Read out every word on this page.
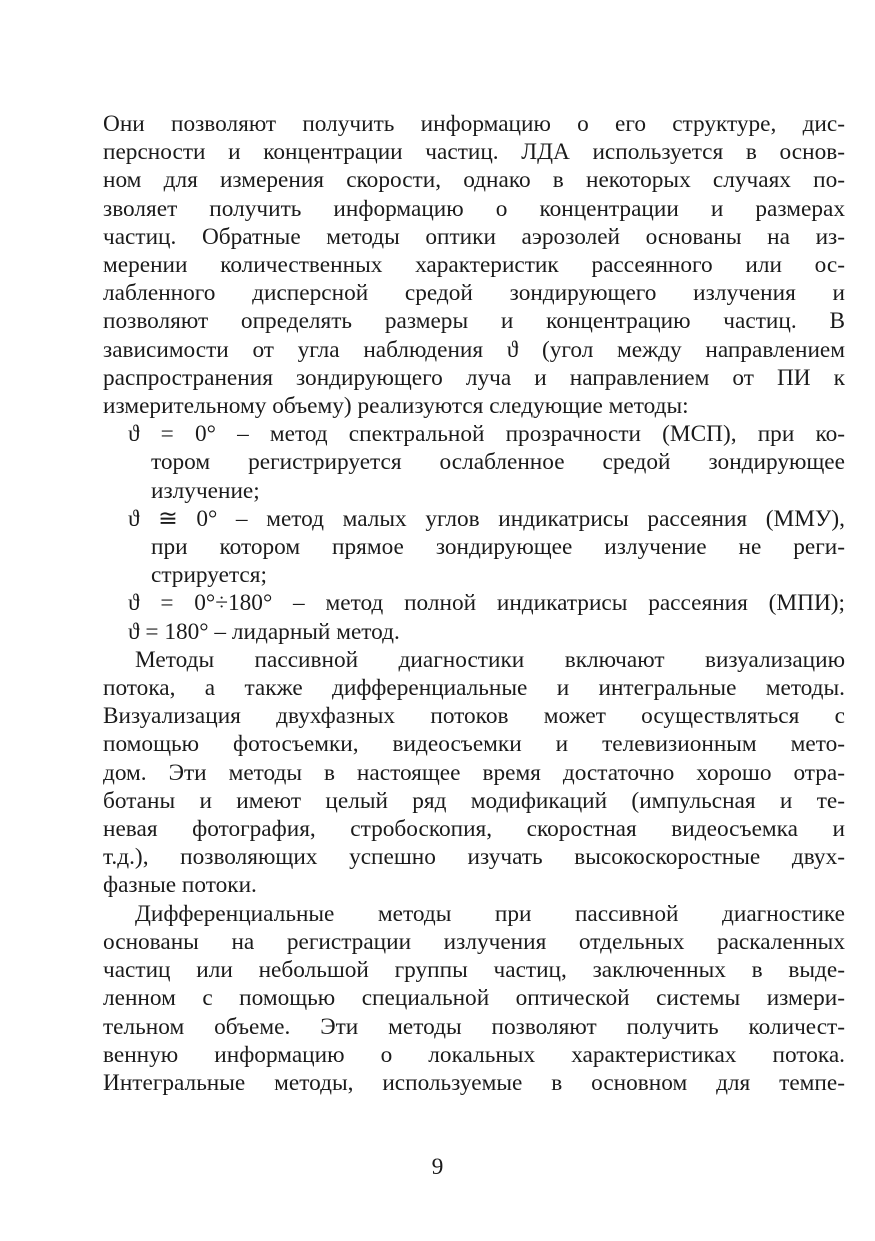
Они позволяют получить информацию о его структуре, дис-
персности и концентрации частиц. ЛДА используется в основ-
ном для измерения скорости, однако в некоторых случаях по-
зволяет получить информацию о концентрации и размерах
частиц. Обратные методы оптики аэрозолей основаны на из-
мерении количественных характеристик рассеянного или ос-
лабленного дисперсной средой зондирующего излучения и
позволяют определять размеры и концентрацию частиц. В
зависимости от угла наблюдения ϑ (угол между направлением
распространения зондирующего луча и направлением от ПИ к
измерительному объему) реализуются следующие методы:
ϑ = 0° – метод спектральной прозрачности (МСП), при ко-
тором регистрируется ослабленное средой зондирующее
излучение;
ϑ ≅ 0° – метод малых углов индикатрисы рассеяния (ММУ),
при котором прямое зондирующее излучение не реги-
стрируется;
ϑ = 0°÷180° – метод полной индикатрисы рассеяния (МПИ);
ϑ = 180° – лидарный метод.
Методы пассивной диагностики включают визуализацию
потока, а также дифференциальные и интегральные методы.
Визуализация двухфазных потоков может осуществляться с
помощью фотосъемки, видеосъемки и телевизионным мето-
дом. Эти методы в настоящее время достаточно хорошо отра-
ботаны и имеют целый ряд модификаций (импульсная и те-
невая фотография, стробоскопия, скоростная видеосъемка и
т.д.), позволяющих успешно изучать высокоскоростные двух-
фазные потоки.
Дифференциальные методы при пассивной диагностике
основаны на регистрации излучения отдельных раскаленных
частиц или небольшой группы частиц, заключенных в выде-
ленном с помощью специальной оптической системы измери-
тельном объеме. Эти методы позволяют получить количест-
венную информацию о локальных характеристиках потока.
Интегральные методы, используемые в основном для темпе-
9
